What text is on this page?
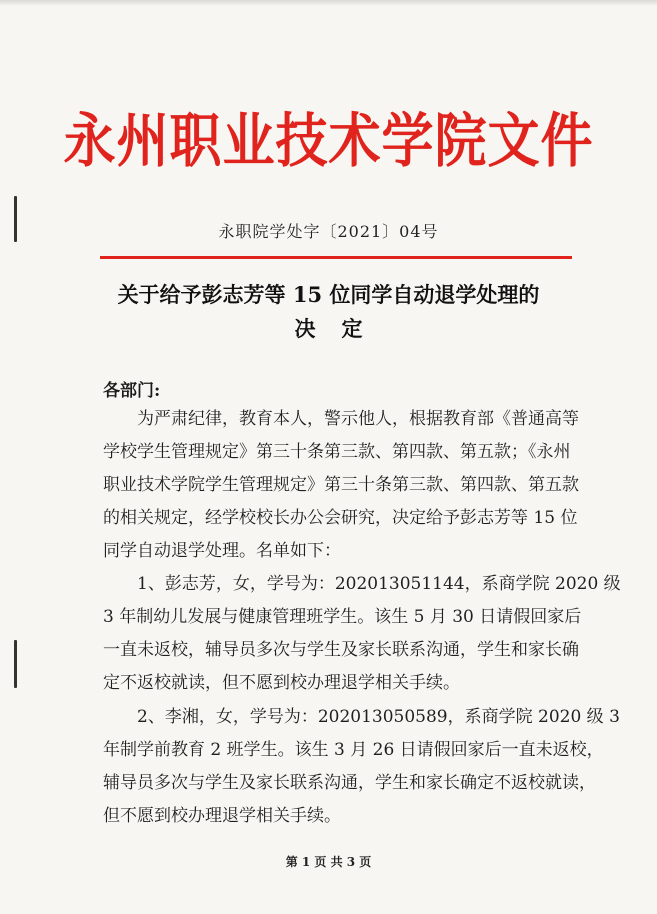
永州职业技术学院文件
永职院学处字〔2021〕04号
关于给予彭志芳等 15 位同学自动退学处理的
决定
各部门:
为严肃纪律，教育本人，警示他人，根据教育部《普通高等
学校学生管理规定》第三十条第三款、第四款、第五款；《永州
职业技术学院学生管理规定》第三十条第三款、第四款、第五款
的相关规定，经学校校长办公会研究，决定给予彭志芳等 15 位
同学自动退学处理。名单如下：
1、彭志芳，女，学号为：202013051144，系商学院 2020 级
3 年制幼儿发展与健康管理班学生。该生 5 月 30 日请假回家后
一直未返校，辅导员多次与学生及家长联系沟通，学生和家长确
定不返校就读，但不愿到校办理退学相关手续。
2、李湘，女，学号为：202013050589，系商学院 2020 级 3
年制学前教育 2 班学生。该生 3 月 26 日请假回家后一直未返校，
辅导员多次与学生及家长联系沟通，学生和家长确定不返校就读，
但不愿到校办理退学相关手续。
第 1 页 共 3 页
